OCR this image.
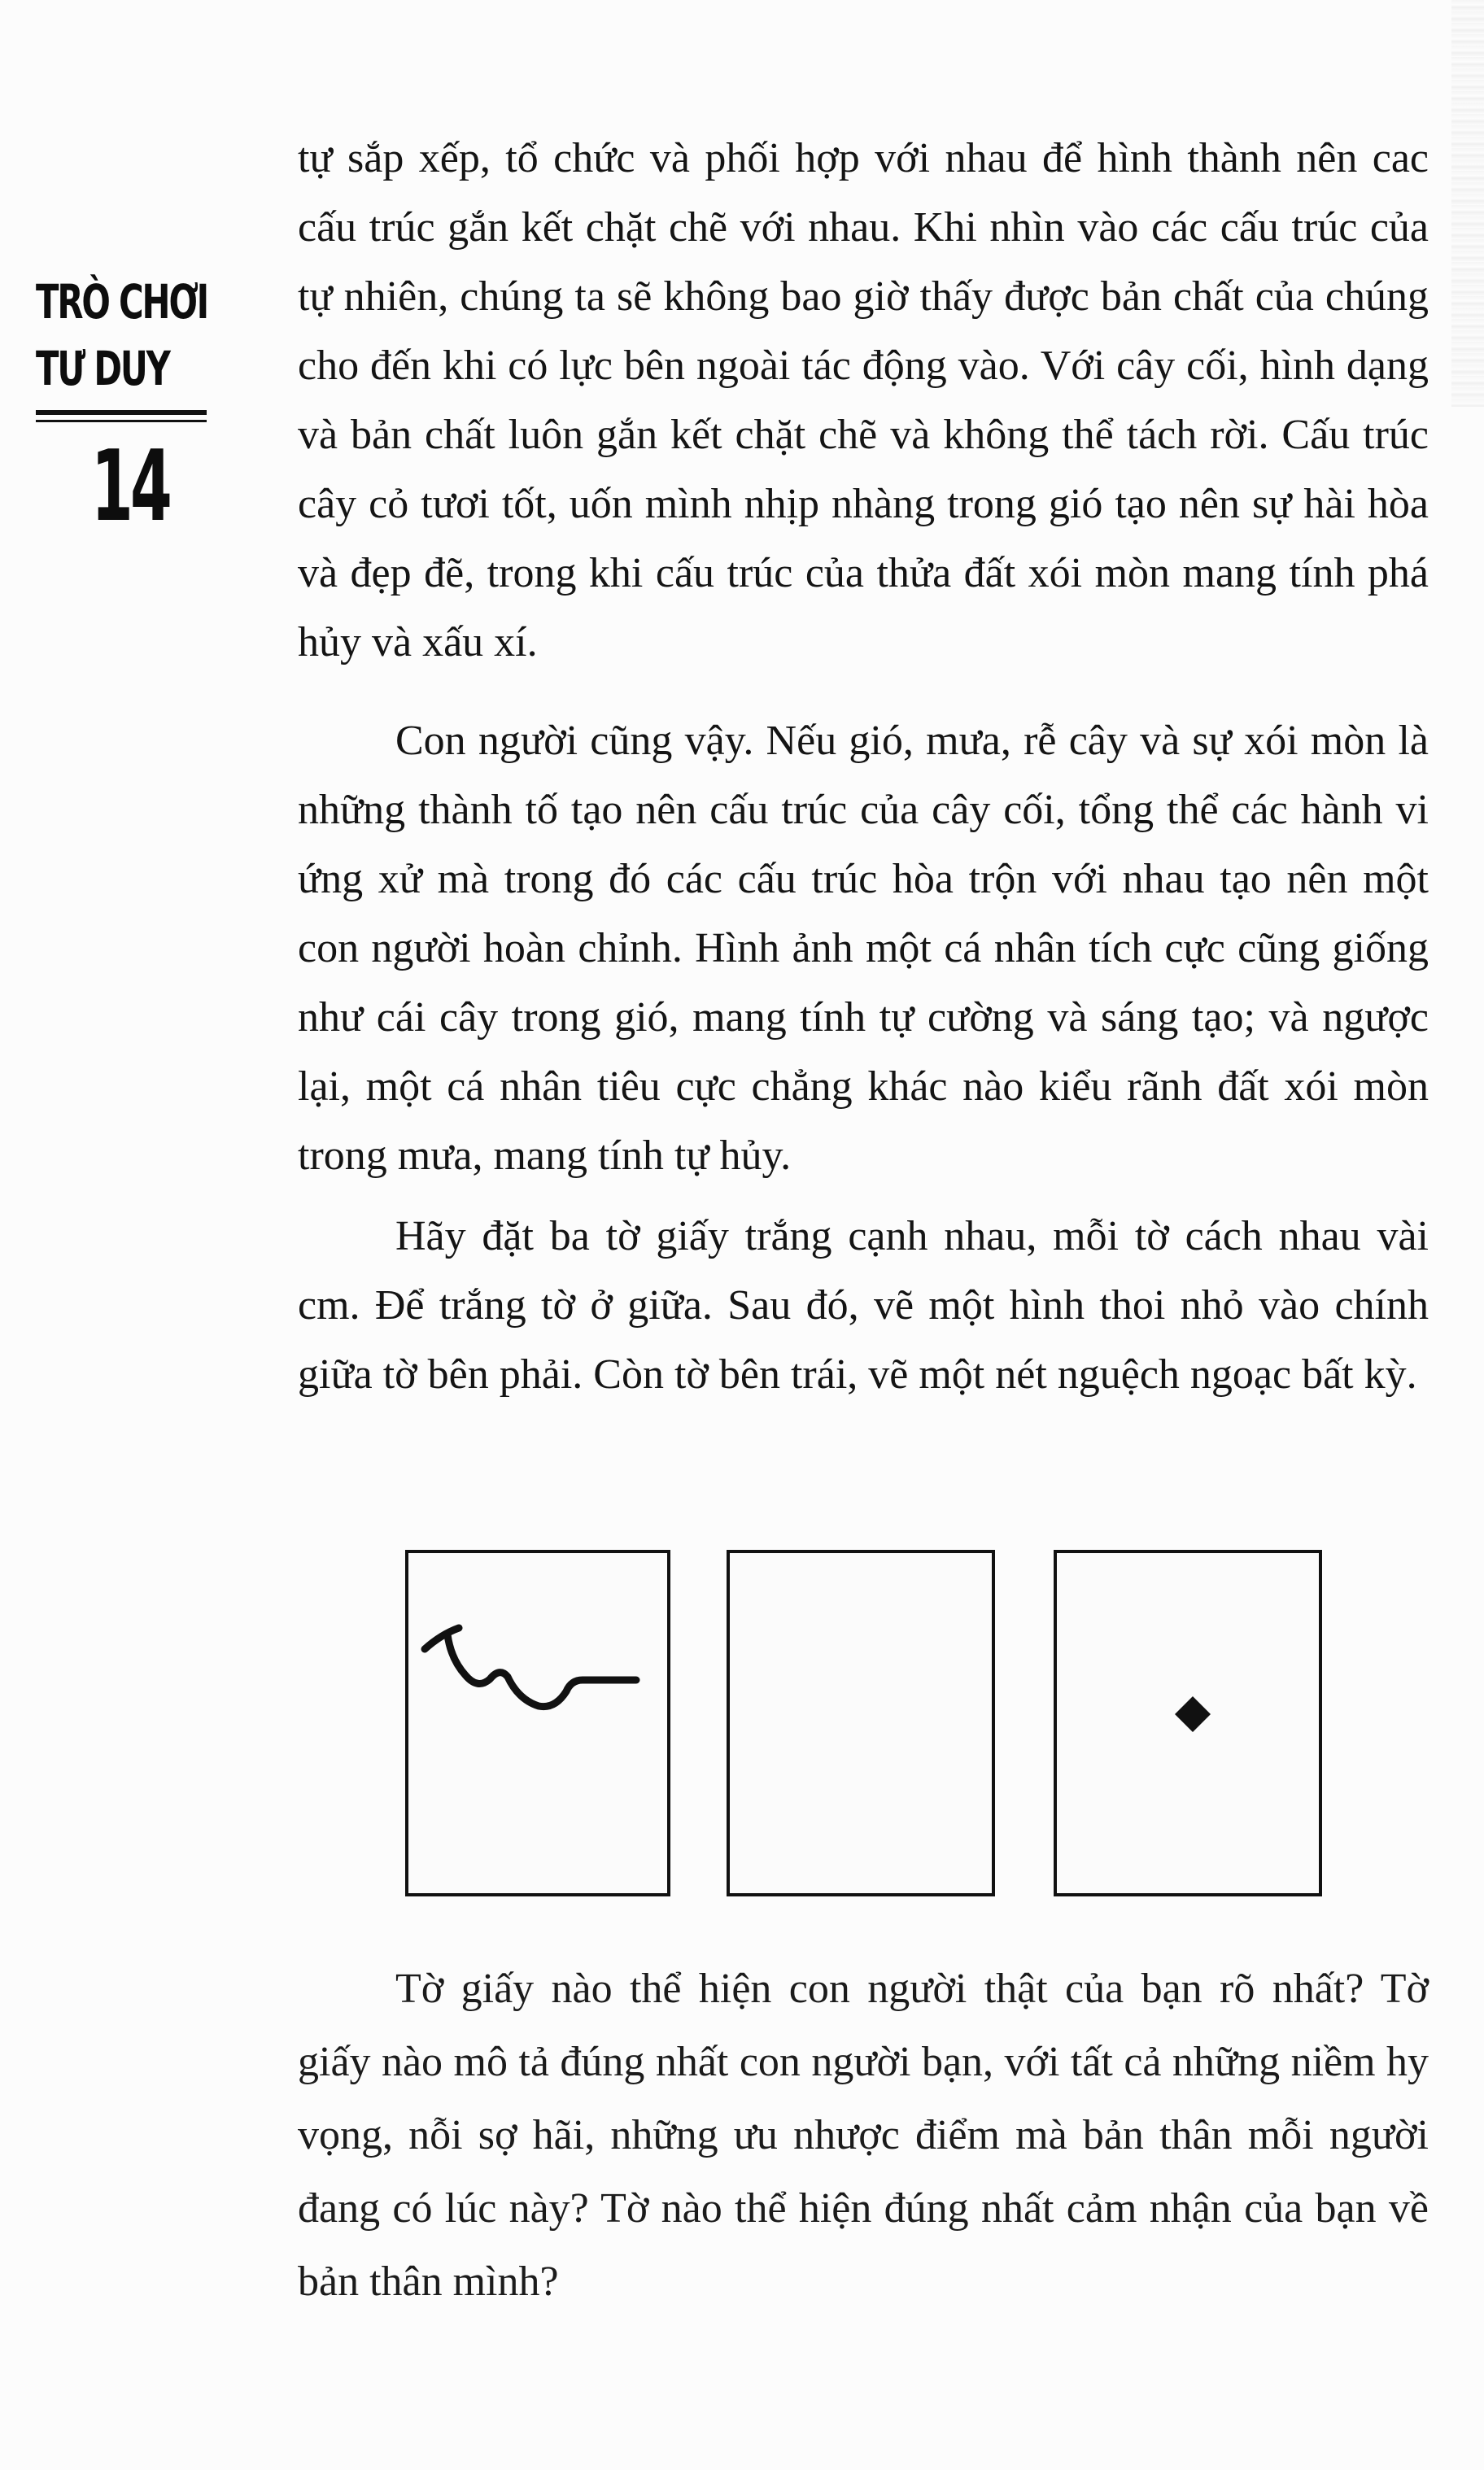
TRÒ CHƠI
TƯ DUY
14

tự sắp xếp, tổ chức và phối hợp với nhau để hình thành nên cac cấu trúc gắn kết chặt chẽ với nhau. Khi nhìn vào các cấu trúc của tự nhiên, chúng ta sẽ không bao giờ thấy được bản chất của chúng cho đến khi có lực bên ngoài tác động vào. Với cây cối, hình dạng và bản chất luôn gắn kết chặt chẽ và không thể tách rời. Cấu trúc cây cỏ tươi tốt, uốn mình nhịp nhàng trong gió tạo nên sự hài hòa và đẹp đẽ, trong khi cấu trúc của thửa đất xói mòn mang tính phá hủy và xấu xí.

Con người cũng vậy. Nếu gió, mưa, rễ cây và sự xói mòn là những thành tố tạo nên cấu trúc của cây cối, tổng thể các hành vi ứng xử mà trong đó các cấu trúc hòa trộn với nhau tạo nên một con người hoàn chỉnh. Hình ảnh một cá nhân tích cực cũng giống như cái cây trong gió, mang tính tự cường và sáng tạo; và ngược lại, một cá nhân tiêu cực chẳng khác nào kiểu rãnh đất xói mòn trong mưa, mang tính tự hủy.

Hãy đặt ba tờ giấy trắng cạnh nhau, mỗi tờ cách nhau vài cm. Để trắng tờ ở giữa. Sau đó, vẽ một hình thoi nhỏ vào chính giữa tờ bên phải. Còn tờ bên trái, vẽ một nét nguệch ngoạc bất kỳ.

Tờ giấy nào thể hiện con người thật của bạn rõ nhất? Tờ giấy nào mô tả đúng nhất con người bạn, với tất cả những niềm hy vọng, nỗi sợ hãi, những ưu nhược điểm mà bản thân mỗi người đang có lúc này? Tờ nào thể hiện đúng nhất cảm nhận của bạn về bản thân mình?
